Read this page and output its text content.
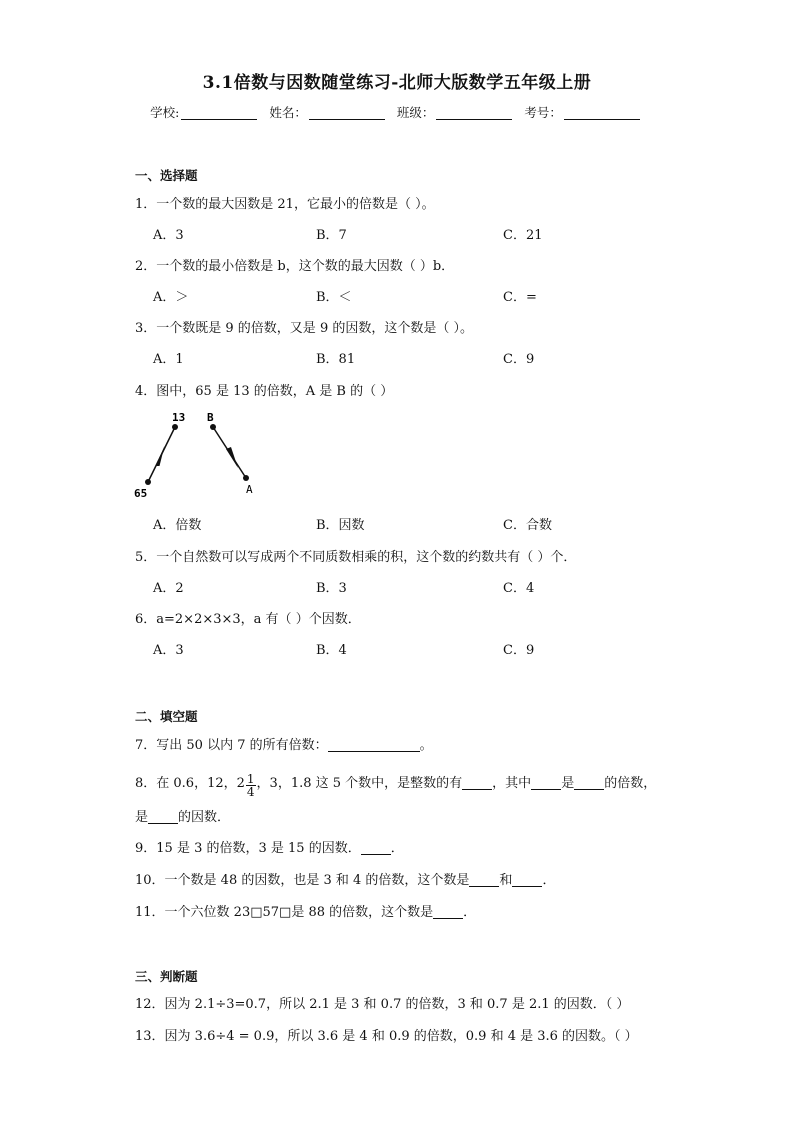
3.1倍数与因数随堂练习-北师大版数学五年级上册
学校:	姓名：	班级：	考号：
一、选择题
1．一个数的最大因数是 21，它最小的倍数是（ ）。
A．3	B．7	C．21
2．一个数的最小倍数是 b，这个数的最大因数（ ）b．
A．＞	B．＜	C．=
3．一个数既是 9 的倍数，又是 9 的因数，这个数是（ ）。
A．1	B．81	C．9
4．图中，65 是 13 的倍数，A 是 B 的（ ）
13 B
65	A
A．倍数	B．因数	C．合数
5．一个自然数可以写成两个不同质数相乘的积，这个数的约数共有（ ）个．
A．2	B．3	C．4
6．a=2×2×3×3，a 有（ ）个因数．
A．3	B．4	C．9
二、填空题
7．写出 50 以内 7 的所有倍数：	。
8．在 0.6，12，$2 \frac{1}{4}$ ，3，1.8 这 5 个数中，是整数的有 ，其中 是 的倍数，
是 的因数．
9．15 是 3 的倍数，3 是 15 的因数． ．
10．一个数是 48 的因数，也是 3 和 4 的倍数，这个数是 和 ．
11．一个六位数 23□57□是 88 的倍数，这个数是 ．
三、判断题
12．因为 2.1÷3=0.7，所以 2.1 是 3 和 0.7 的倍数，3 和 0.7 是 2.1 的因数．（ ）
13．因为 3.6÷4 = 0.9，所以 3.6 是 4 和 0.9 的倍数，0.9 和 4 是 3.6 的因数。（ ）
